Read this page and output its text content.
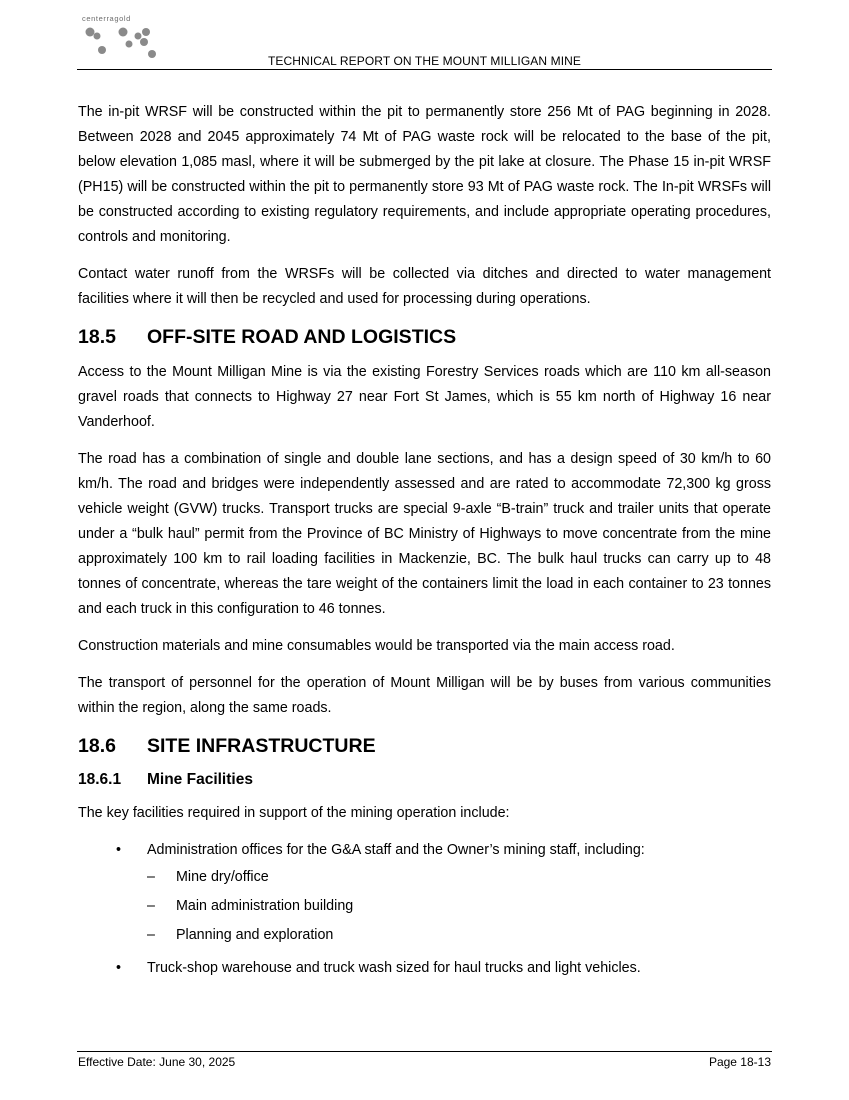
centerragold
TECHNICAL REPORT ON THE MOUNT MILLIGAN MINE

The in-pit WRSF will be constructed within the pit to permanently store 256 Mt of PAG beginning in 2028. Between 2028 and 2045 approximately 74 Mt of PAG waste rock will be relocated to the base of the pit, below elevation 1,085 masl, where it will be submerged by the pit lake at closure. The Phase 15 in-pit WRSF (PH15) will be constructed within the pit to permanently store 93 Mt of PAG waste rock. The In-pit WRSFs will be constructed according to existing regulatory requirements, and include appropriate operating procedures, controls and monitoring.

Contact water runoff from the WRSFs will be collected via ditches and directed to water management facilities where it will then be recycled and used for processing during operations.

18.5 OFF-SITE ROAD AND LOGISTICS

Access to the Mount Milligan Mine is via the existing Forestry Services roads which are 110 km all-season gravel roads that connects to Highway 27 near Fort St James, which is 55 km north of Highway 16 near Vanderhoof.

The road has a combination of single and double lane sections, and has a design speed of 30 km/h to 60 km/h. The road and bridges were independently assessed and are rated to accommodate 72,300 kg gross vehicle weight (GVW) trucks. Transport trucks are special 9-axle “B-train” truck and trailer units that operate under a “bulk haul” permit from the Province of BC Ministry of Highways to move concentrate from the mine approximately 100 km to rail loading facilities in Mackenzie, BC. The bulk haul trucks can carry up to 48 tonnes of concentrate, whereas the tare weight of the containers limit the load in each container to 23 tonnes and each truck in this configuration to 46 tonnes.

Construction materials and mine consumables would be transported via the main access road.

The transport of personnel for the operation of Mount Milligan will be by buses from various communities within the region, along the same roads.

18.6 SITE INFRASTRUCTURE
18.6.1 Mine Facilities

The key facilities required in support of the mining operation include:

• Administration offices for the G&A staff and the Owner’s mining staff, including:
– Mine dry/office
– Main administration building
– Planning and exploration
• Truck-shop warehouse and truck wash sized for haul trucks and light vehicles.
Effective Date: June 30, 2025	Page 18-13
